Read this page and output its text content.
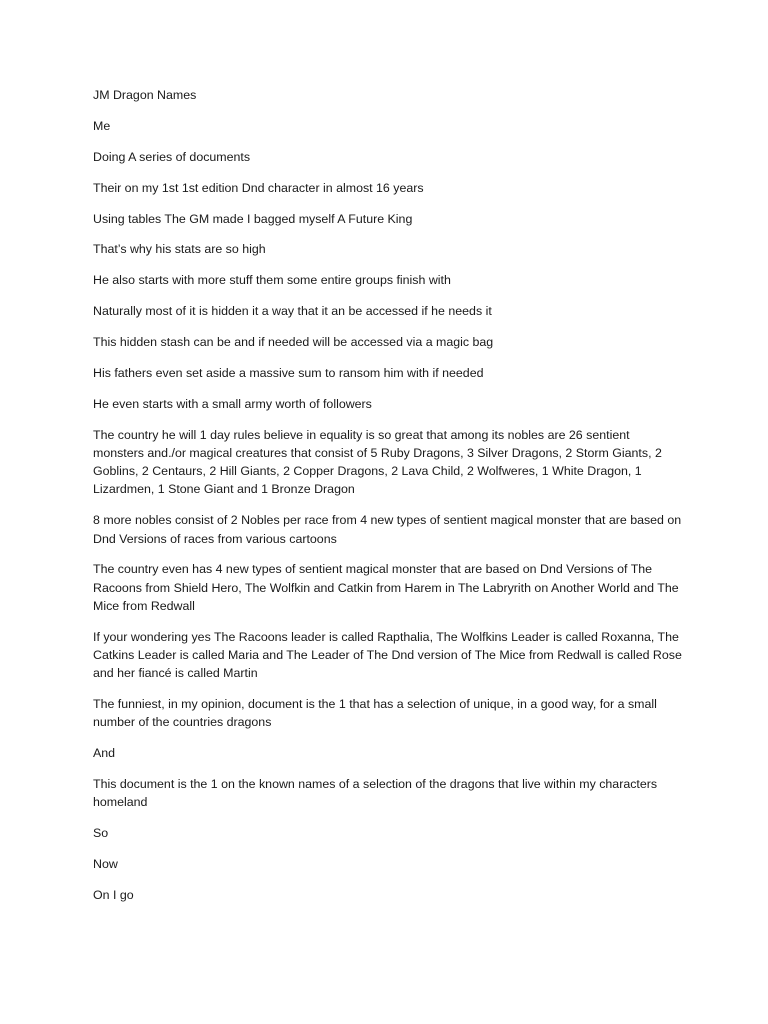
JM Dragon Names

Me

Doing A series of documents

Their on my 1st 1st edition Dnd character in almost 16 years

Using tables The GM made I bagged myself A Future King

That’s why his stats are so high

He also starts with more stuff them some entire groups finish with

Naturally most of it is hidden it a way that it an be accessed if he needs it

This hidden stash can be and if needed will be accessed via a magic bag

His fathers even set aside a massive sum to ransom him with if needed

He even starts with a small army worth of followers

The country he will 1 day rules believe in equality is so great that among its nobles are 26 sentient monsters and./or magical creatures that consist of 5 Ruby Dragons, 3 Silver Dragons, 2 Storm Giants, 2 Goblins, 2 Centaurs, 2 Hill Giants, 2 Copper Dragons, 2 Lava Child, 2 Wolfweres, 1 White Dragon, 1 Lizardmen, 1 Stone Giant and 1 Bronze Dragon

8 more nobles consist of 2 Nobles per race from 4 new types of sentient magical monster that are based on Dnd Versions of races from various cartoons

The country even has 4 new types of sentient magical monster that are based on Dnd Versions of The Racoons from Shield Hero, The Wolfkin and Catkin from Harem in The Labryrith on Another World and The Mice from Redwall

If your wondering yes The Racoons leader is called Rapthalia, The Wolfkins Leader is called Roxanna, The Catkins Leader is called Maria and The Leader of The Dnd version of The Mice from Redwall is called Rose and her fiancé is called Martin

The funniest, in my opinion, document is the 1 that has a selection of unique, in a good way, for a small number of the countries dragons

And

This document is the 1 on the known names of a selection of the dragons that live within my characters homeland

So

Now

On I go
